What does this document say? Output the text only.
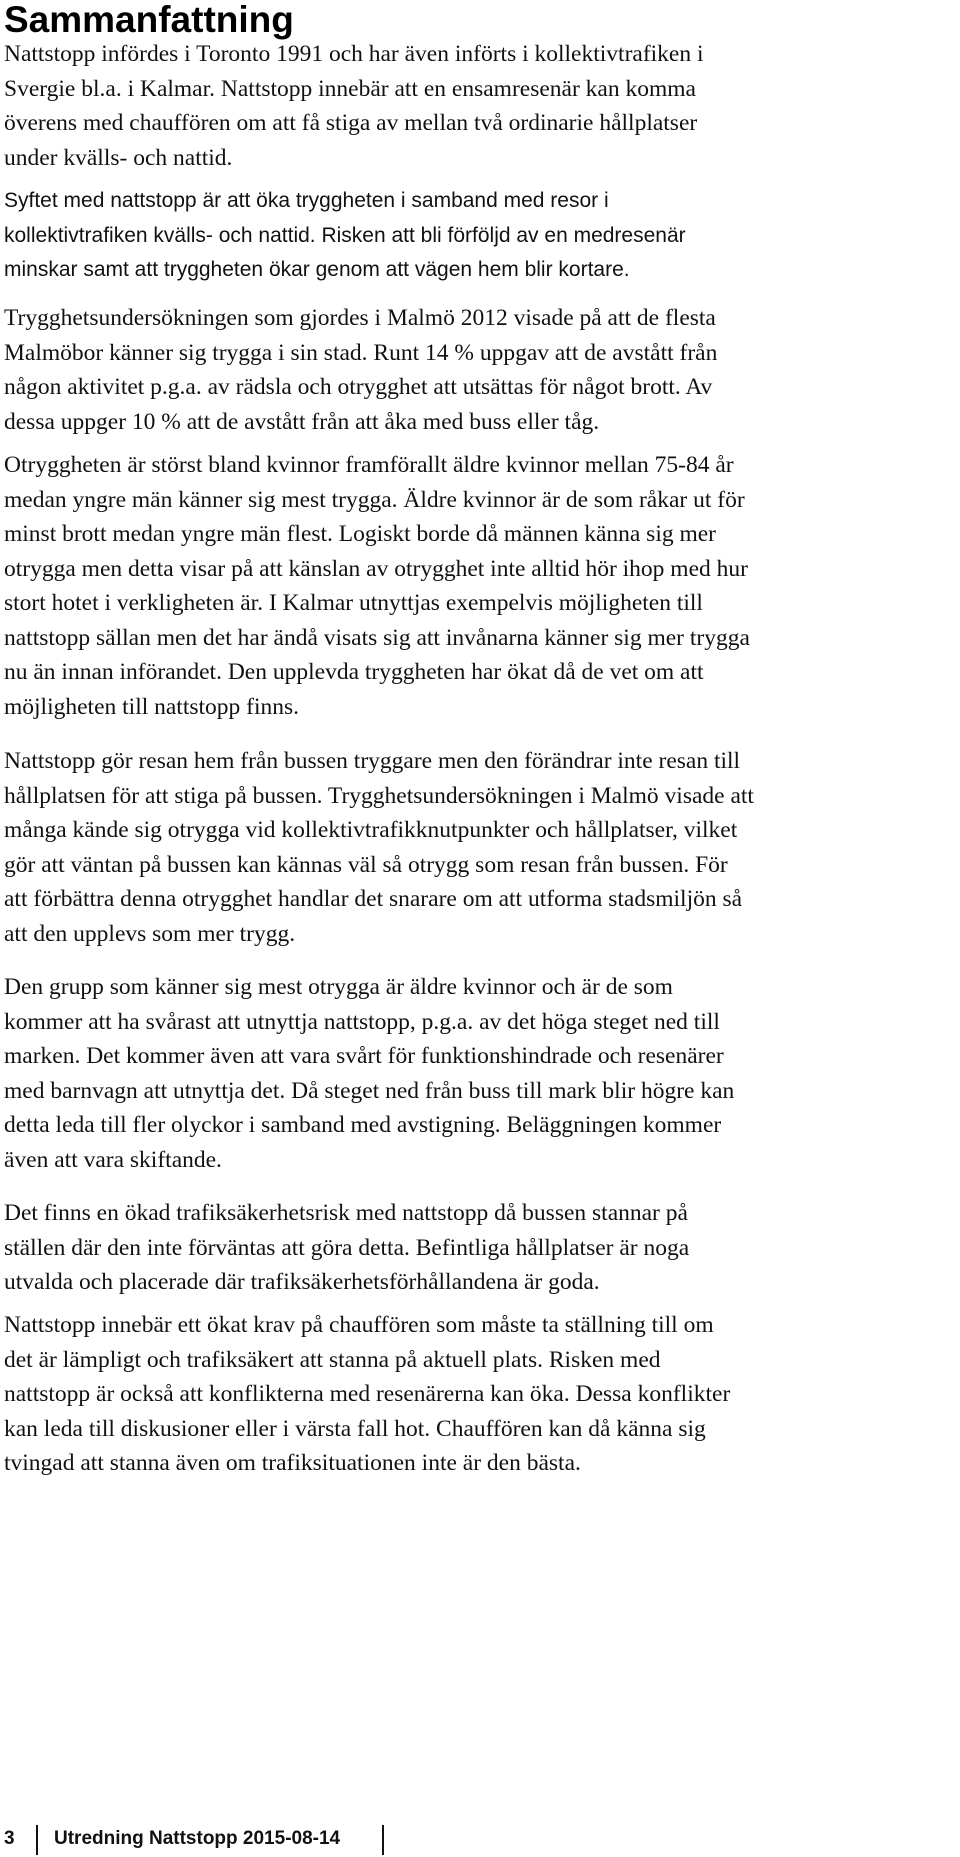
Sammanfattning

Nattstopp infördes i Toronto 1991 och har även införts i kollektivtrafiken i
Svergie bl.a. i Kalmar. Nattstopp innebär att en ensamresenär kan komma
överens med chauffören om att få stiga av mellan två ordinarie hållplatser
under kvälls- och nattid.

Syftet med nattstopp är att öka tryggheten i samband med resor i
kollektivtrafiken kvälls- och nattid. Risken att bli förföljd av en medresenär
minskar samt att tryggheten ökar genom att vägen hem blir kortare.

Trygghetsundersökningen som gjordes i Malmö 2012 visade på att de flesta
Malmöbor känner sig trygga i sin stad. Runt 14 % uppgav att de avstått från
någon aktivitet p.g.a. av rädsla och otrygghet att utsättas för något brott. Av
dessa uppger 10 % att de avstått från att åka med buss eller tåg.

Otryggheten är störst bland kvinnor framförallt äldre kvinnor mellan 75-84 år
medan yngre män känner sig mest trygga. Äldre kvinnor är de som råkar ut för
minst brott medan yngre män flest. Logiskt borde då männen känna sig mer
otrygga men detta visar på att känslan av otrygghet inte alltid hör ihop med hur
stort hotet i verkligheten är. I Kalmar utnyttjas exempelvis möjligheten till
nattstopp sällan men det har ändå visats sig att invånarna känner sig mer trygga
nu än innan införandet. Den upplevda tryggheten har ökat då de vet om att
möjligheten till nattstopp finns.

Nattstopp gör resan hem från bussen tryggare men den förändrar inte resan till
hållplatsen för att stiga på bussen. Trygghetsundersökningen i Malmö visade att
många kände sig otrygga vid kollektivtrafikknutpunkter och hållplatser, vilket
gör att väntan på bussen kan kännas väl så otrygg som resan från bussen. För
att förbättra denna otrygghet handlar det snarare om att utforma stadsmiljön så
att den upplevs som mer trygg.

Den grupp som känner sig mest otrygga är äldre kvinnor och är de som
kommer att ha svårast att utnyttja nattstopp, p.g.a. av det höga steget ned till
marken. Det kommer även att vara svårt för funktionshindrade och resenärer
med barnvagn att utnyttja det. Då steget ned från buss till mark blir högre kan
detta leda till fler olyckor i samband med avstigning. Beläggningen kommer
även att vara skiftande.

Det finns en ökad trafiksäkerhetsrisk med nattstopp då bussen stannar på
ställen där den inte förväntas att göra detta. Befintliga hållplatser är noga
utvalda och placerade där trafiksäkerhetsförhållandena är goda.

Nattstopp innebär ett ökat krav på chauffören som måste ta ställning till om
det är lämpligt och trafiksäkert att stanna på aktuell plats. Risken med
nattstopp är också att konflikterna med resenärerna kan öka. Dessa konflikter
kan leda till diskusioner eller i värsta fall hot. Chauffören kan då känna sig
tvingad att stanna även om trafiksituationen inte är den bästa.

3 Utredning Nattstopp 2015-08-14
